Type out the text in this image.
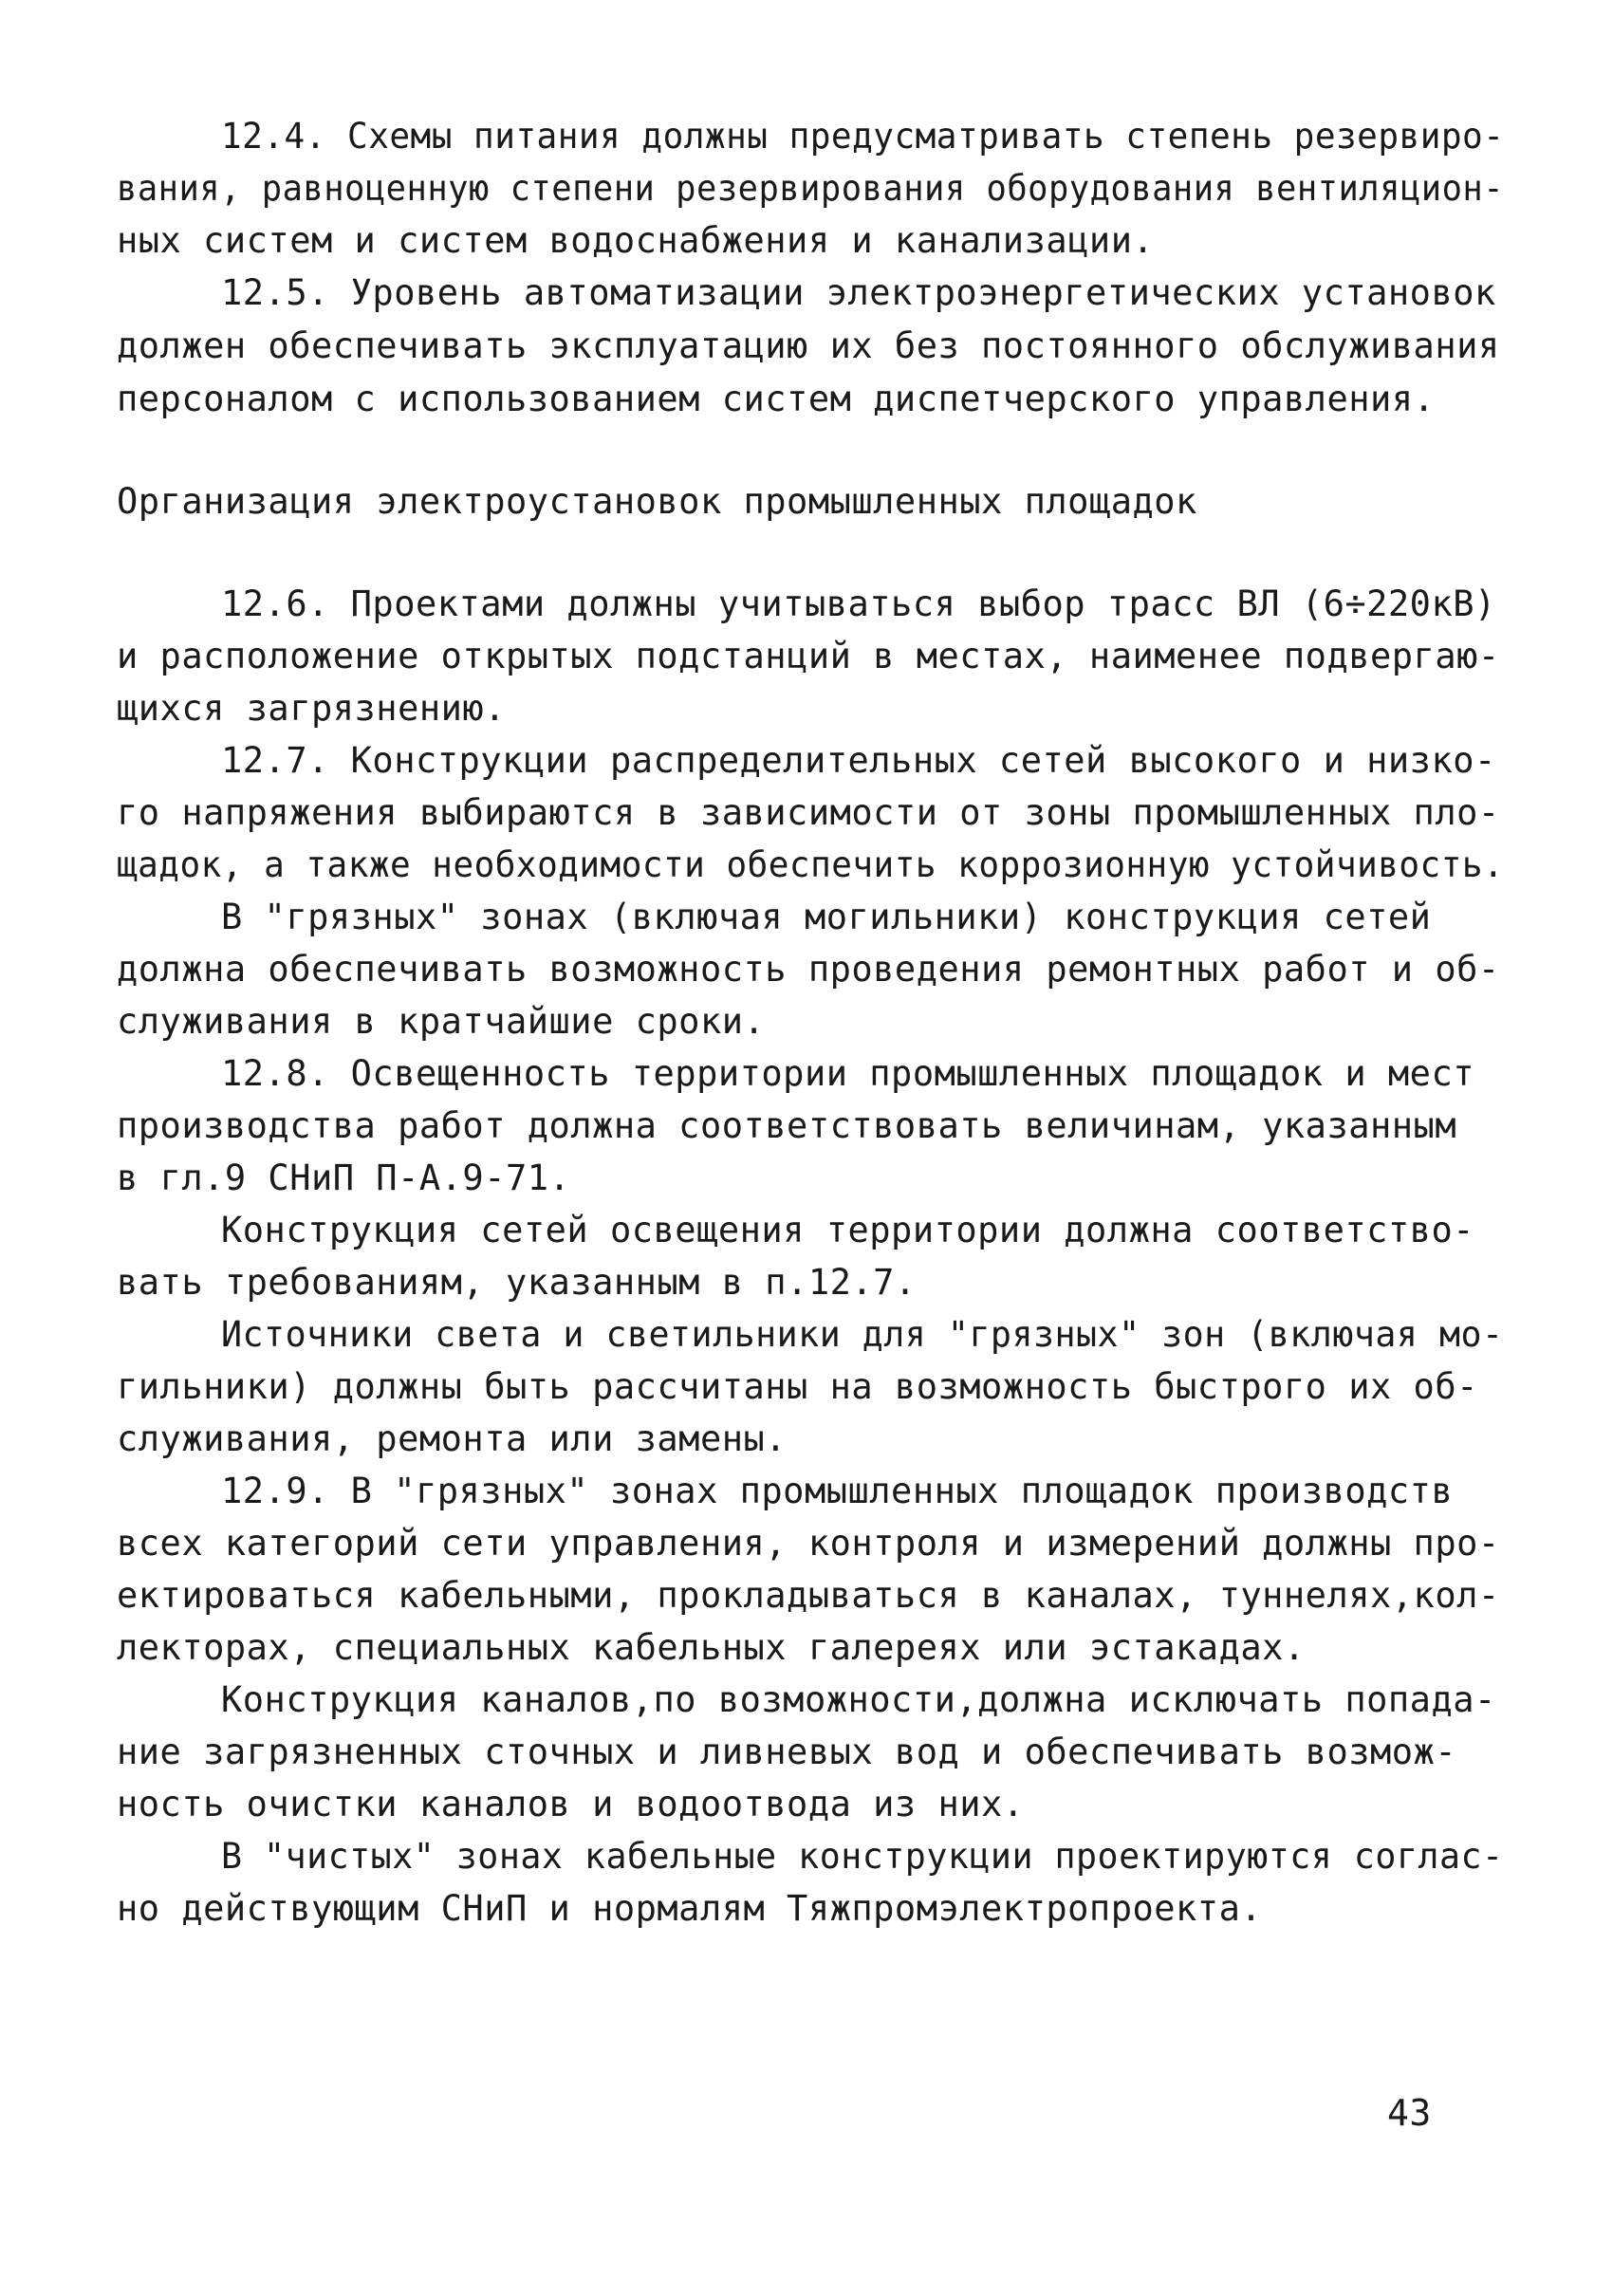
12.4. Схемы питания должны предусматривать степень резервиро-
вания, равноценную степени резервирования оборудования вентиляцион-
ных систем и систем водоснабжения и канализации.
12.5. Уровень автоматизации электроэнергетических установок
должен обеспечивать эксплуатацию их без постоянного обслуживания
персоналом с использованием систем диспетчерского управления.
Организация электроустановок промышленных площадок
12.6. Проектами должны учитываться выбор трасс ВЛ (6÷220кВ)
и расположение открытых подстанций в местах, наименее подвергаю-
щихся загрязнению.
12.7. Конструкции распределительных сетей высокого и низко-
го напряжения выбираются в зависимости от зоны промышленных пло-
щадок, а также необходимости обеспечить коррозионную устойчивость.
В "грязных" зонах (включая могильники) конструкция сетей
должна обеспечивать возможность проведения ремонтных работ и об-
служивания в кратчайшие сроки.
12.8. Освещенность территории промышленных площадок и мест
производства работ должна соответствовать величинам, указанным
в гл.9 СНиП П-А.9-71.
Конструкция сетей освещения территории должна соответство-
вать требованиям, указанным в п.12.7.
Источники света и светильники для "грязных" зон (включая мо-
гильники) должны быть рассчитаны на возможность быстрого их об-
служивания, ремонта или замены.
12.9. В "грязных" зонах промышленных площадок производств
всех категорий сети управления, контроля и измерений должны про-
ектироваться кабельными, прокладываться в каналах, туннелях,кол-
лекторах, специальных кабельных галереях или эстакадах.
Конструкция каналов,по возможности,должна исключать попада-
ние загрязненных сточных и ливневых вод и обеспечивать возмож-
ность очистки каналов и водоотвода из них.
В "чистых" зонах кабельные конструкции проектируются соглас-
но действующим СНиП и нормалям Тяжпромэлектропроекта.
43
